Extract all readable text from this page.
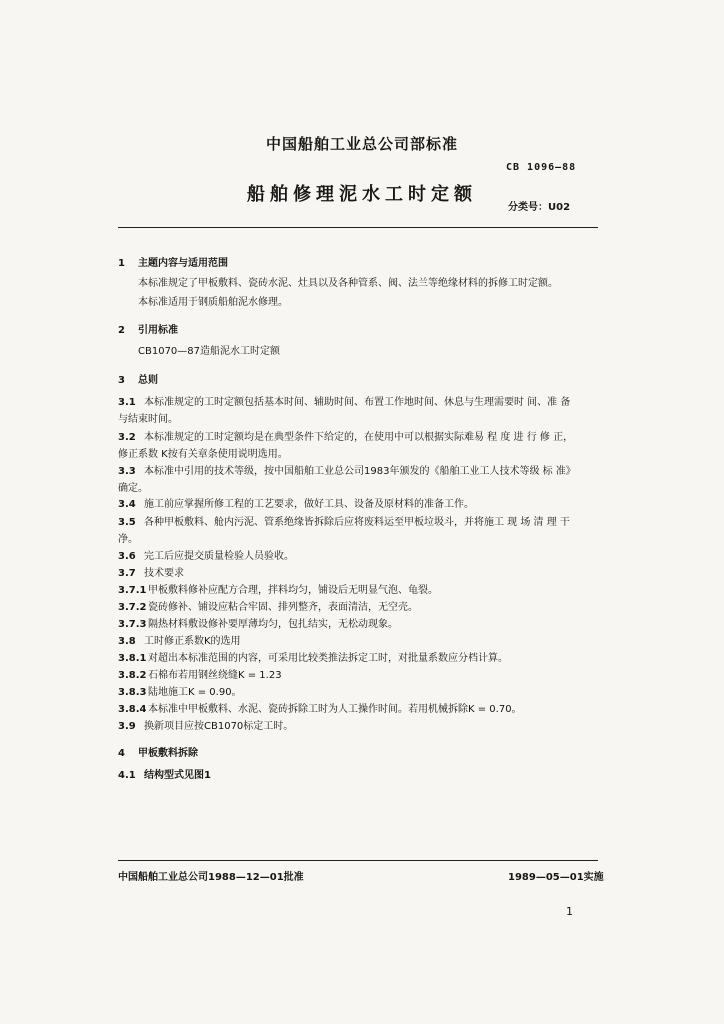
中国船舶工业总公司部标准
CB 1096—88
船舶修理泥水工时定额
分类号：U02
1 主题内容与适用范围
本标准规定了甲板敷料、瓷砖水泥、灶具以及各种管系、阀、法兰等绝缘材料的拆修工时定额。
本标准适用于钢质船舶泥水修理。
2 引用标准
CB1070—87造船泥水工时定额
3 总则
3.1 本标准规定的工时定额包括基本时间、辅助时间、布置工作地时间、休息与生理需要时 间、准 备
与结束时间。
3.2 本标准规定的工时定额均是在典型条件下给定的，在使用中可以根据实际难易 程 度 进 行 修 正，
修正系数 K按有关章条使用说明选用。
3.3 本标准中引用的技术等级，按中国船舶工业总公司1983年颁发的《船舶工业工人技术等级 标 准》
确定。
3.4 施工前应掌握所修工程的工艺要求，做好工具、设备及原材料的准备工作。
3.5 各种甲板敷料、舱内污泥、管系绝缘皆拆除后应将废料运至甲板垃圾斗，并将施工 现 场 清 理 干
净。
3.6 完工后应提交质量检验人员验收。
3.7 技术要求
3.7.1 甲板敷料修补应配方合理，拌料均匀，铺设后无明显气泡、龟裂。
3.7.2 瓷砖修补、铺设应粘合牢固、排列整齐，表面清洁，无空壳。
3.7.3 隔热材料敷设修补要厚薄均匀，包扎结实，无松动现象。
3.8 工时修正系数K的选用
3.8.1 对超出本标准范围的内容，可采用比较类推法拆定工时，对批量系数应分档计算。
3.8.2 石棉布若用钢丝绕缝K = 1.23
3.8.3 陆地施工K = 0.90。
3.8.4 本标准中甲板敷料、水泥、瓷砖拆除工时为人工操作时间。若用机械拆除K = 0.70。
3.9 换新项目应按CB1070标定工时。
4 甲板敷料拆除
4.1 结构型式见图1
中国船舶工业总公司1988—12—01批准	1989—05—01实施
1
